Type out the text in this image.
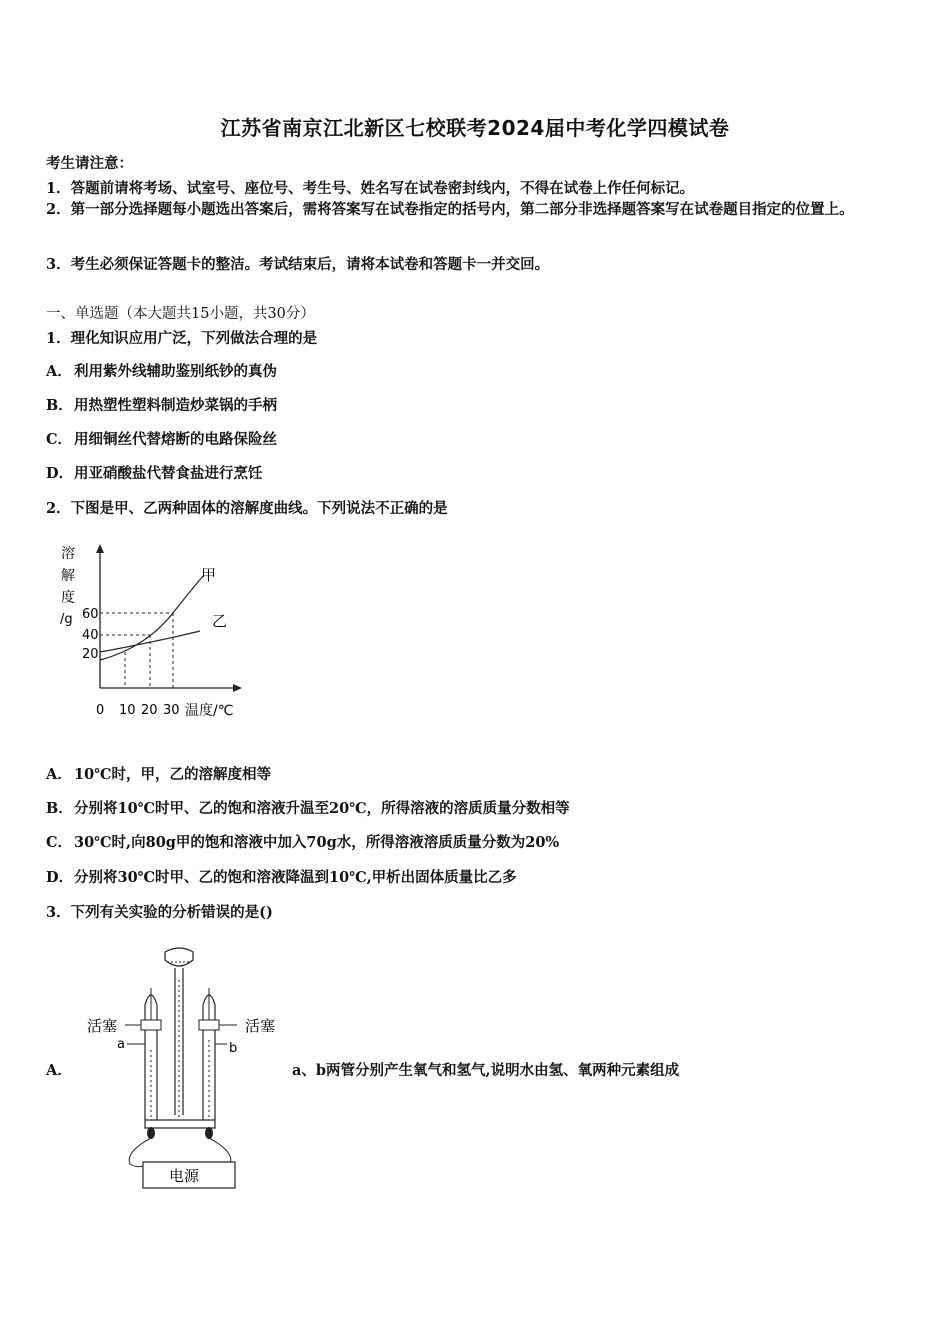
江苏省南京江北新区七校联考2024届中考化学四模试卷
考生请注意：
1．答题前请将考场、试室号、座位号、考生号、姓名写在试卷密封线内，不得在试卷上作任何标记。
2．第一部分选择题每小题选出答案后，需将答案写在试卷指定的括号内，第二部分非选择题答案写在试卷题目指定的位置上。
3．考生必须保证答题卡的整洁。考试结束后，请将本试卷和答题卡一并交回。
一、单选题（本大题共15小题，共30分）
1．理化知识应用广泛，下列做法合理的是
A． 利用紫外线辅助鉴别纸钞的真伪
B．用热塑性塑料制造炒菜锅的手柄
C． 用细铜丝代替熔断的电路保险丝
D．用亚硝酸盐代替食盐进行烹饪
2．下图是甲、乙两种固体的溶解度曲线。下列说法不正确的是
溶
解
度
/g 60
40
20
甲
乙
0 10 20 30 温度/℃
A． 10℃时，甲，乙的溶解度相等
B．分别将10℃时甲、乙的饱和溶液升温至20℃，所得溶液的溶质质量分数相等
C． 30℃时,向80g甲的饱和溶液中加入70g水，所得溶液溶质质量分数为20%
D．分别将30℃时甲、乙的饱和溶液降温到10℃,甲析出固体质量比乙多
3．下列有关实验的分析错误的是()
A．
电源
活塞	活塞
a	b
a、b两管分别产生氧气和氢气,说明水由氢、氧两种元素组成
